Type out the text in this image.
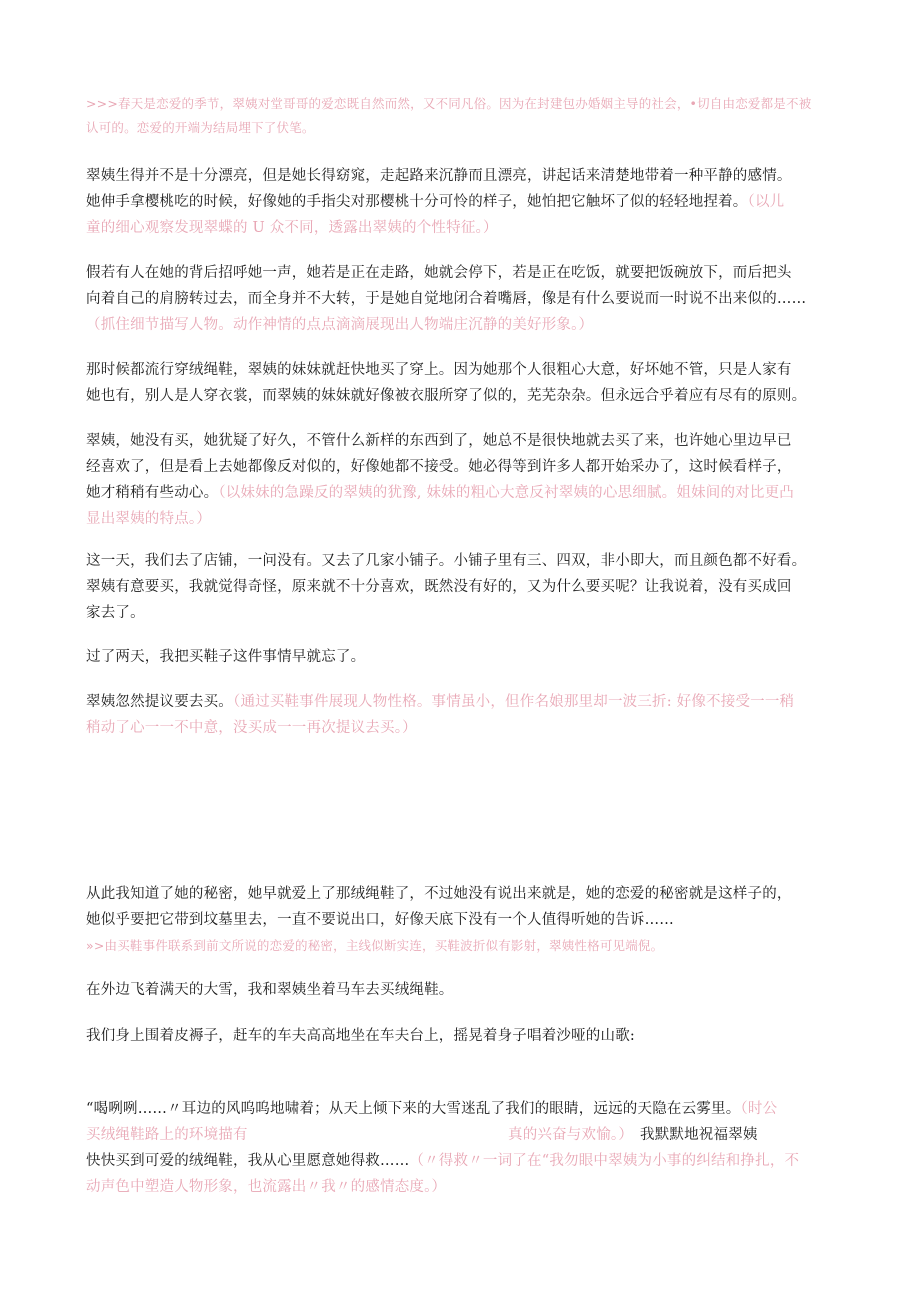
>>>春天是恋爱的季节，翠姨对堂哥哥的爱恋既自然而然，又不同凡俗。因为在封建包办婚姻主导的社会，•切自由恋爱都是不被
认可的。恋爱的开端为结局埋下了伏笔。
翠姨生得并不是十分漂亮，但是她长得窈窕，走起路来沉静而且漂亮，讲起话来清楚地带着一种平静的感情。
她伸手拿樱桃吃的时候，好像她的手指尖对那樱桃十分可怜的样子，她怕把它触坏了似的轻轻地捏着。（以儿
童的细心观察发现翠蝶的 U 众不同，透露出翠姨的个性特征。）
假若有人在她的背后招呼她一声，她若是正在走路，她就会停下，若是正在吃饭，就要把饭碗放下，而后把头
向着自己的肩膀转过去，而全身并不大转，于是她自觉地闭合着嘴唇，像是有什么要说而一时说不出来似的……
（抓住细节描写人物。动作神情的点点滴滴展现出人物端庄沉静的美好形象。）
那时候都流行穿绒绳鞋，翠姨的妹妹就赶快地买了穿上。因为她那个人很粗心大意，好坏她不管，只是人家有
她也有，别人是人穿衣裳，而翠姨的妹妹就好像被衣服所穿了似的，芜芜杂杂。但永远合乎着应有尽有的原则。
翠姨，她没有买，她犹疑了好久，不管什么新样的东西到了，她总不是很快地就去买了来，也许她心里边早已
经喜欢了，但是看上去她都像反对似的，好像她都不接受。她必得等到许多人都开始采办了，这时候看样子，
她才稍稍有些动心。（以妹妹的急躁反的翠姨的犹豫, 妹妹的粗心大意反衬翠姨的心思细腻。姐妹间的对比更凸
显出翠姨的特点。）
这一天，我们去了店铺，一问没有。又去了几家小铺子。小铺子里有三、四双，非小即大，而且颜色都不好看。
翠姨有意要买，我就觉得奇怪，原来就不十分喜欢，既然没有好的，又为什么要买呢？让我说着，没有买成回
家去了。
过了两天，我把买鞋子这件事情早就忘了。
翠姨忽然提议要去买。（通过买鞋事件展现人物性格。事情虽小，但作名娘那里却一波三折: 好像不接受一一稍
稍动了心一一不中意，没买成一一再次提议去买。）
从此我知道了她的秘密，她早就爱上了那绒绳鞋了，不过她没有说出来就是，她的恋爱的秘密就是这样子的，
她似乎要把它带到坟墓里去，一直不要说出口，好像天底下没有一个人值得听她的告诉……
»>由买鞋事件联系到前文所说的恋爱的秘密，主线似断实连，买鞋波折似有影射，翠姨性格可见端倪。
在外边飞着满天的大雪，我和翠姨坐着马车去买绒绳鞋。
我们身上围着皮褥子，赶车的车夫高高地坐在车夫台上，摇晃着身子唱着沙哑的山歌:
“喝咧咧……〃耳边的风呜呜地啸着；从天上倾下来的大雪迷乱了我们的眼睛，远远的天隐在云雾里。（时公
买绒绳鞋路上的环境描有	真的兴奋与欢愉。） 我默默地祝福翠姨
快快买到可爱的绒绳鞋，我从心里愿意她得救……（〃得救〃一词了在“我勿眼中翠姨为小事的纠结和挣扎，不
动声色中塑造人物形象，也流露出〃我〃的感情态度。）
